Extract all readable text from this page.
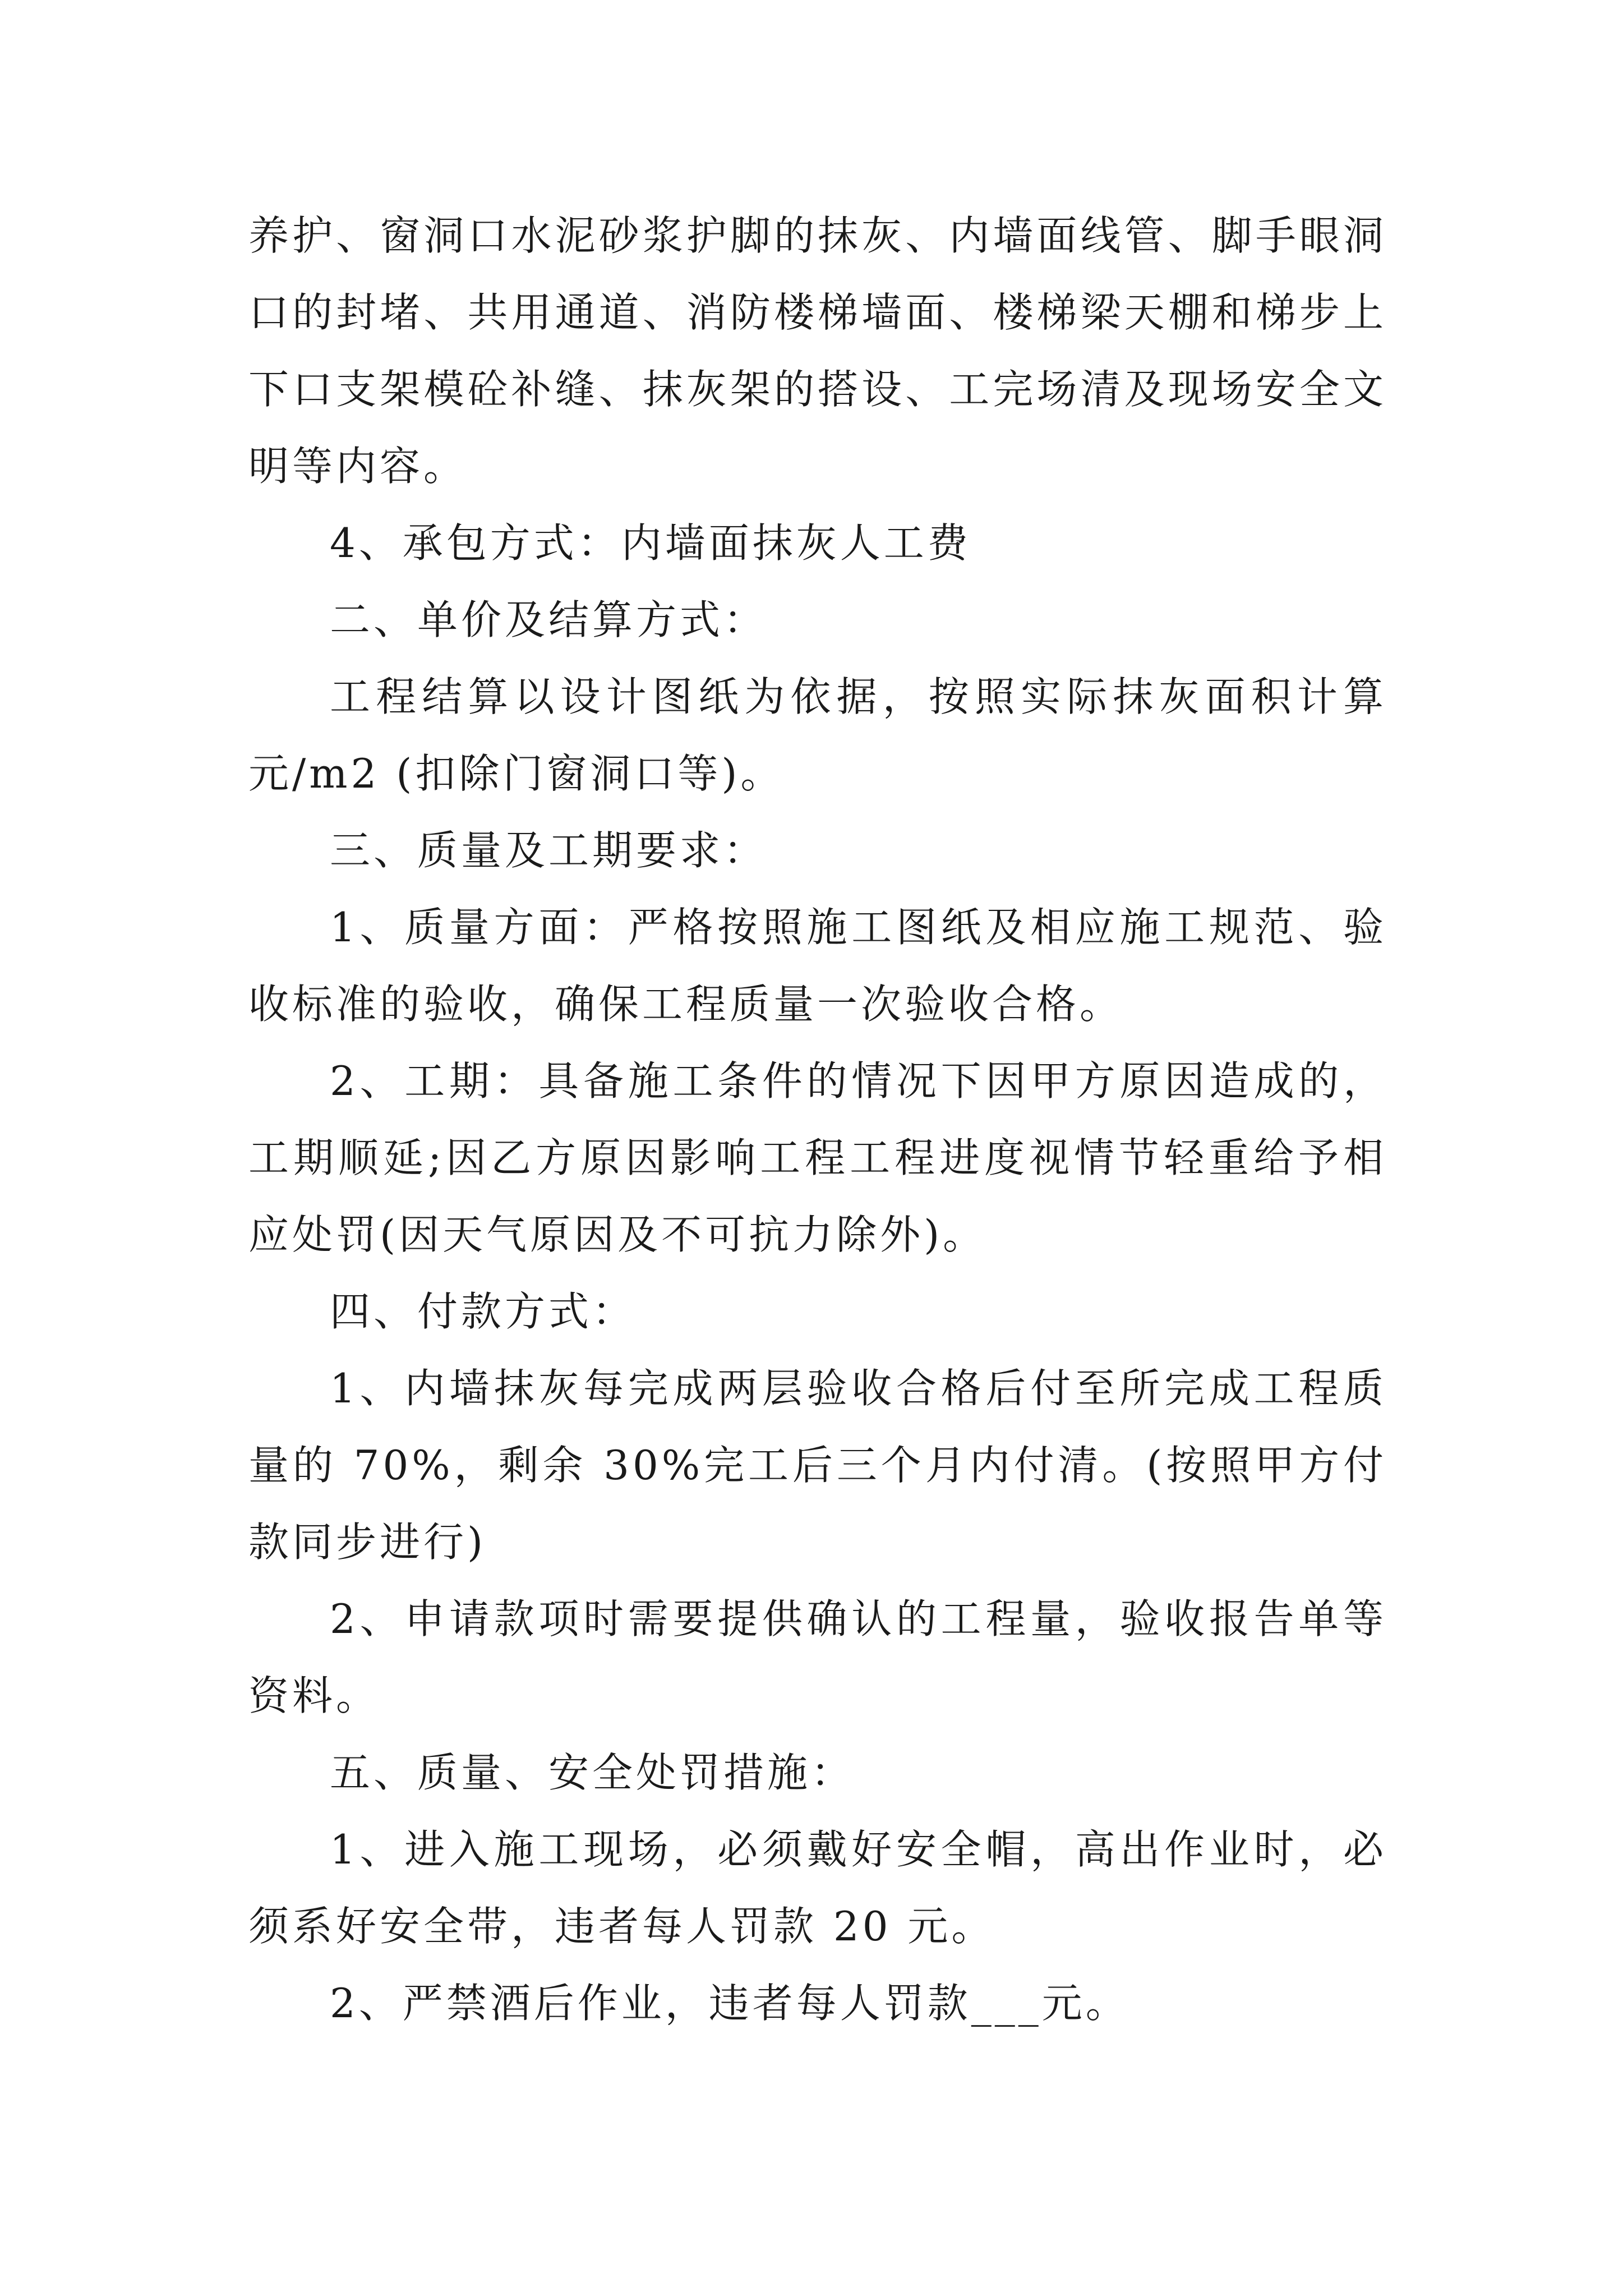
养护、窗洞口水泥砂浆护脚的抹灰、内墙面线管、脚手眼洞口的封堵、共用通道、消防楼梯墙面、楼梯梁天棚和梯步上下口支架模砼补缝、抹灰架的搭设、工完场清及现场安全文明等内容。

4、承包方式：内墙面抹灰人工费

二、单价及结算方式：

工程结算以设计图纸为依据，按照实际抹灰面积计算元/m2 (扣除门窗洞口等)。

三、质量及工期要求：

1、质量方面：严格按照施工图纸及相应施工规范、验收标准的验收，确保工程质量一次验收合格。

2、工期：具备施工条件的情况下因甲方原因造成的，工期顺延;因乙方原因影响工程工程进度视情节轻重给予相应处罚(因天气原因及不可抗力除外)。

四、付款方式：

1、内墙抹灰每完成两层验收合格后付至所完成工程质量的 70%，剩余 30%完工后三个月内付清。(按照甲方付款同步进行)

2、申请款项时需要提供确认的工程量，验收报告单等资料。

五、质量、安全处罚措施：

1、进入施工现场，必须戴好安全帽，高出作业时，必须系好安全带，违者每人罚款 20 元。

2、严禁酒后作业，违者每人罚款___元。
